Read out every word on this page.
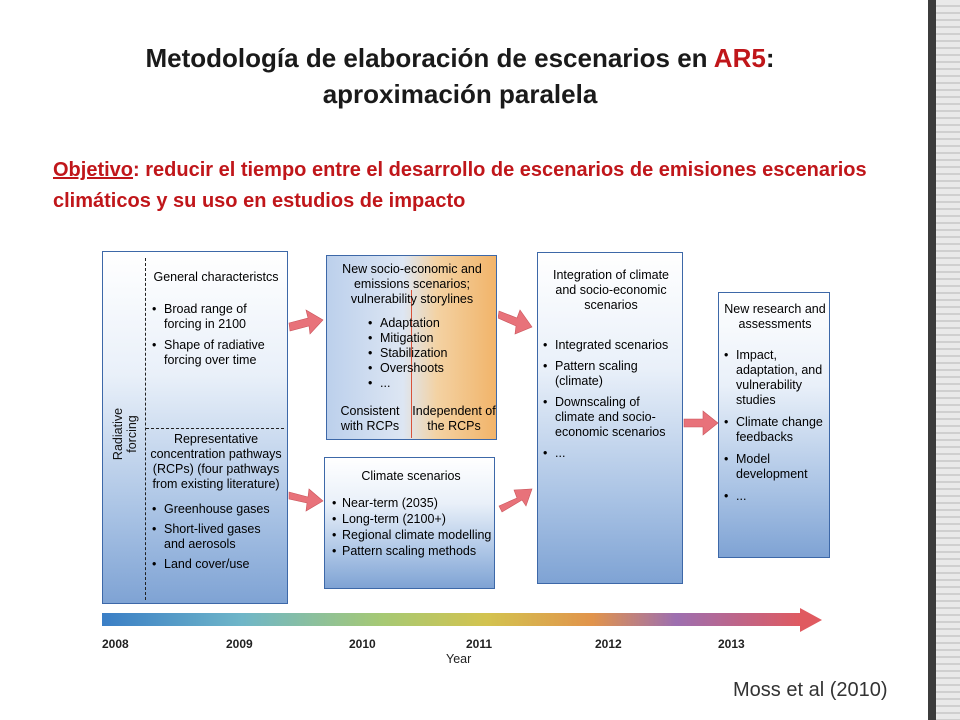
Metodología de elaboración de escenarios en AR5:
aproximación paralela
Objetivo: reducir el tiempo entre el desarrollo de escenarios de emisiones escenarios climáticos y su uso en estudios de impacto
Radiative forcing
General characteristcs
• Broad range of forcing in 2100
• Shape of radiative forcing over time
Representative concentration pathways (RCPs) (four pathways from existing literature)
• Greenhouse gases
• Short-lived gases and aerosols
• Land cover/use
New socio-economic and emissions scenarios; vulnerability storylines
• Adaptation
• Mitigation
• Stabilization
• Overshoots
• ...
Consistent with RCPs
Independent of the RCPs
Climate scenarios
• Near-term (2035)
• Long-term (2100+)
• Regional climate modelling
• Pattern scaling methods
Integration of climate and socio-economic scenarios
• Integrated scenarios
• Pattern scaling (climate)
• Downscaling of climate and socio-economic scenarios
• ...
New research and assessments
• Impact, adaptation, and vulnerability studies
• Climate change feedbacks
• Model development
• ...
2008	2009	2010	2011	2012	2013
Year
Moss et al (2010)
